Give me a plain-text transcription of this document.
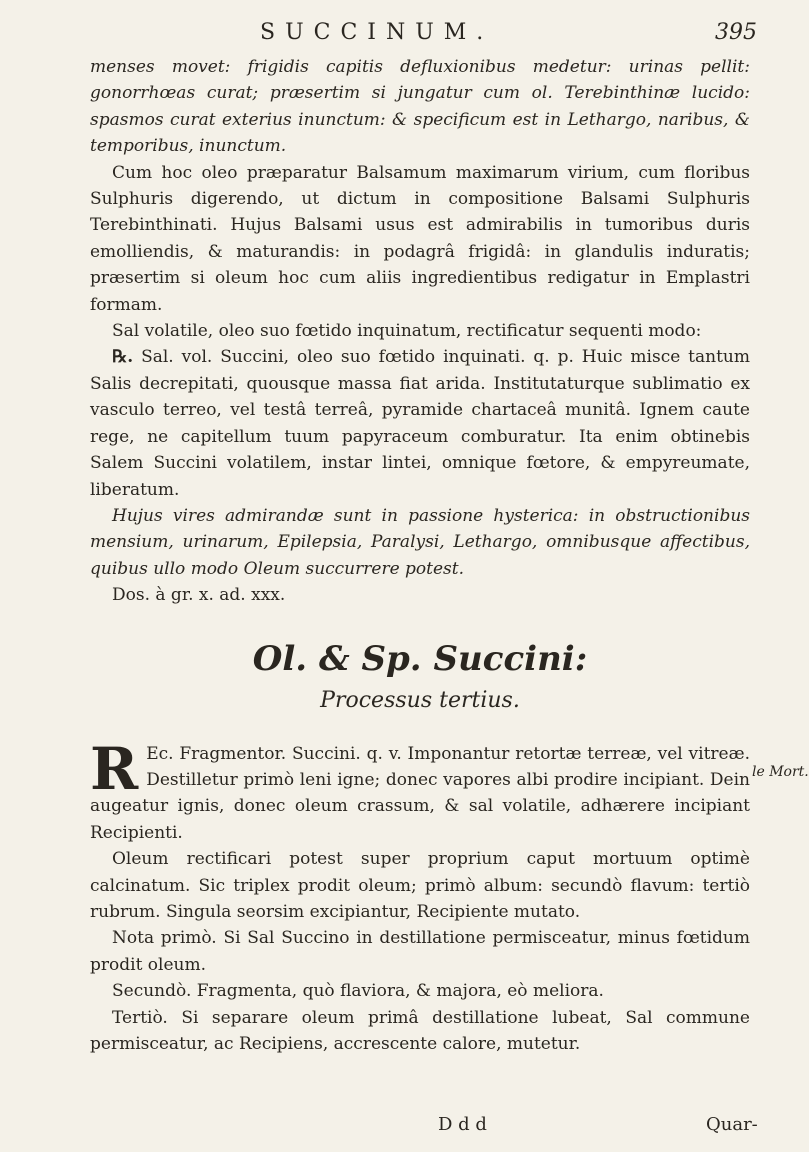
SUCCINUM.	395

menses movet: frigidis capitis defluxionibus medetur: urinas pellit: gonorrhœas curat; præsertim si jungatur cum ol. Terebinthinæ lucido: spasmos curat exterius inunctum: & specificum est in Lethargo, naribus, & temporibus, inunctum.

Cum hoc oleo præparatur Balsamum maximarum virium, cum floribus Sulphuris digerendo, ut dictum in compositione Balsami Sulphuris Terebinthinati. Hujus Balsami usus est admirabilis in tumoribus duris emolliendis, & maturandis: in podagrâ frigidâ: in glandulis induratis; præsertim si oleum hoc cum aliis ingredientibus redigatur in Emplastri formam.

Sal volatile, oleo suo fœtido inquinatum, rectificatur sequenti modo:

℞. Sal. vol. Succini, oleo suo fœtido inquinati. q. p. Huic misce tantum Salis decrepitati, quousque massa fiat arida. Institutaturque sublimatio ex vasculo terreo, vel testâ terreâ, pyramide chartaceâ munitâ. Ignem caute rege, ne capitellum tuum papyraceum comburatur. Ita enim obtinebis Salem Succini volatilem, instar lintei, omnique fœtore, & empyreumate, liberatum.

Hujus vires admirandæ sunt in passione hysterica: in obstructionibus mensium, urinarum, Epilepsia, Paralysi, Lethargo, omnibusque affectibus, quibus ullo modo Oleum succurrere potest.

Dos. à gr. x. ad. xxx.

Ol. & Sp. Succini:
Processus tertius.

R Ec. Fragmentor. Succini. q. v. Imponantur retortæ terreæ, vel vitreæ. Destilletur primò leni igne; donec vapores albi prodire incipiant. Dein augeatur ignis, donec oleum crassum, & sal volatile, adhærere incipiant Recipienti.

Oleum rectificari potest super proprium caput mortuum optimè calcinatum. Sic triplex prodit oleum; primò album: secundò flavum: tertiò rubrum. Singula seorsim excipiantur, Recipiente mutato.

Nota primò. Si Sal Succino in destillatione permisceatur, minus fœtidum prodit oleum.

Secundò. Fragmenta, quò flaviora, & majora, eò meliora.

Tertiò. Si separare oleum primâ destillatione lubeat, Sal commune permisceatur, ac Recipiens, accrescente calore, mutetur.

le Mort.
D d d	Quar-
